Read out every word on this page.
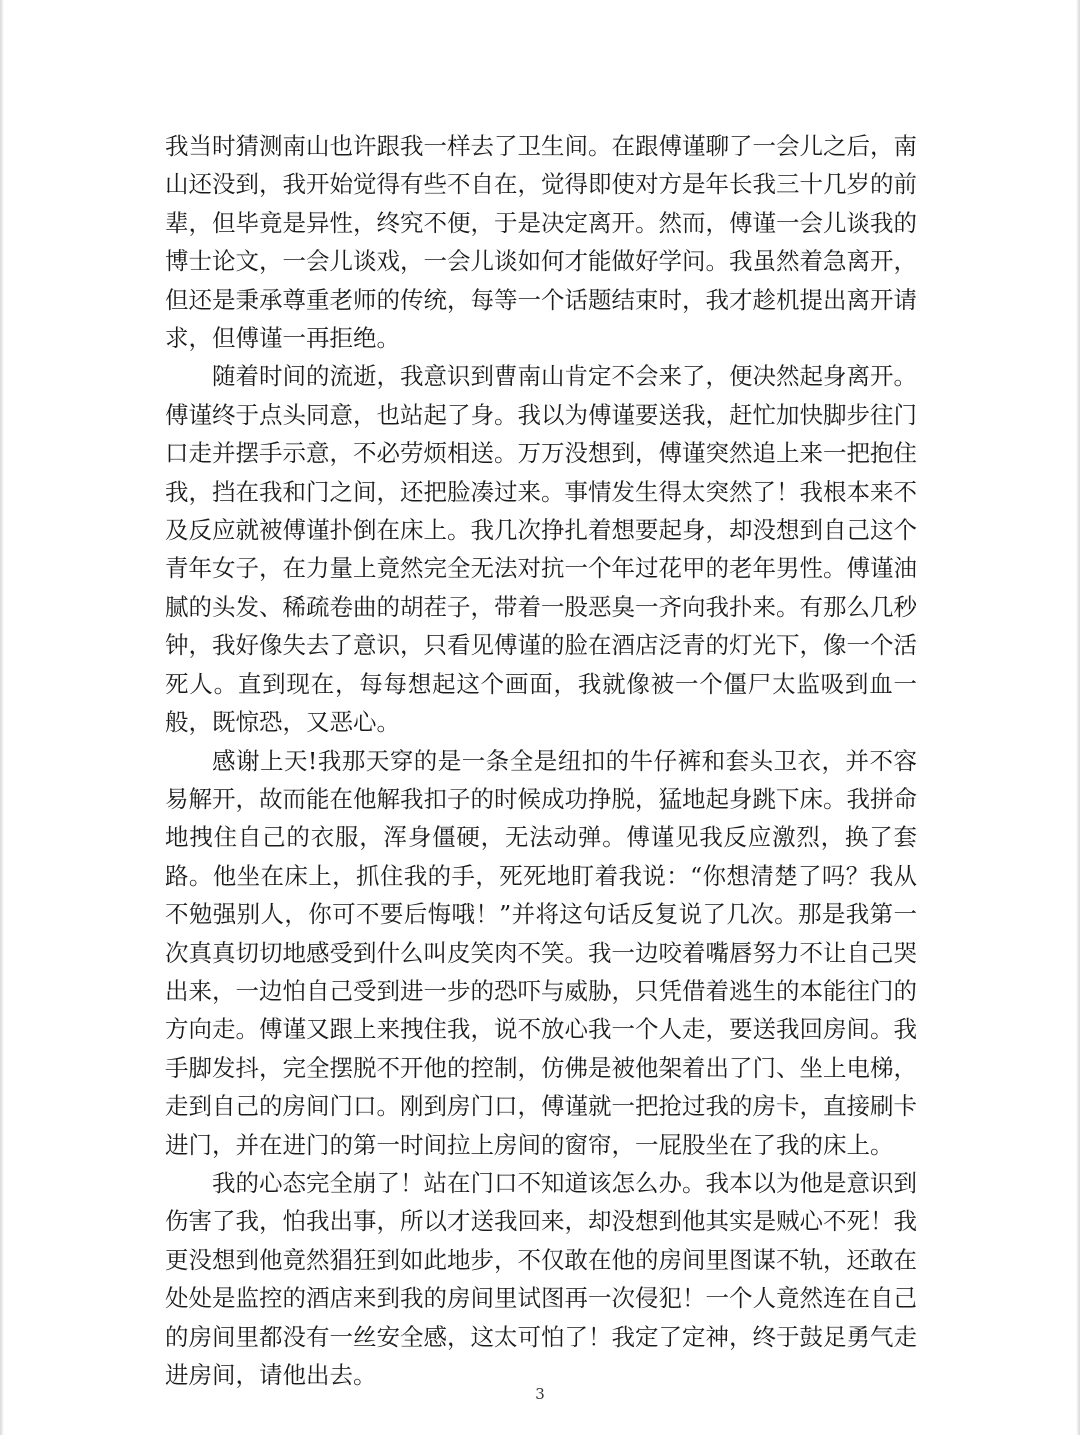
我当时猜测南山也许跟我一样去了卫生间。在跟傅谨聊了一会儿之后，南山还没到，我开始觉得有些不自在，觉得即使对方是年长我三十几岁的前辈，但毕竟是异性，终究不便，于是决定离开。然而，傅谨一会儿谈我的博士论文，一会儿谈戏，一会儿谈如何才能做好学问。我虽然着急离开，但还是秉承尊重老师的传统，每等一个话题结束时，我才趁机提出离开请求，但傅谨一再拒绝。

随着时间的流逝，我意识到曹南山肯定不会来了，便决然起身离开。傅谨终于点头同意，也站起了身。我以为傅谨要送我，赶忙加快脚步往门口走并摆手示意，不必劳烦相送。万万没想到，傅谨突然追上来一把抱住我，挡在我和门之间，还把脸凑过来。事情发生得太突然了！我根本来不及反应就被傅谨扑倒在床上。我几次挣扎着想要起身，却没想到自己这个青年女子，在力量上竟然完全无法对抗一个年过花甲的老年男性。傅谨油腻的头发、稀疏卷曲的胡茬子，带着一股恶臭一齐向我扑来。有那么几秒钟，我好像失去了意识，只看见傅谨的脸在酒店泛青的灯光下，像一个活死人。直到现在，每每想起这个画面，我就像被一个僵尸太监吸到血一般，既惊恐，又恶心。

感谢上天!我那天穿的是一条全是纽扣的牛仔裤和套头卫衣，并不容易解开，故而能在他解我扣子的时候成功挣脱，猛地起身跳下床。我拼命地拽住自己的衣服，浑身僵硬，无法动弹。傅谨见我反应激烈，换了套路。他坐在床上，抓住我的手，死死地盯着我说：“你想清楚了吗？我从不勉强别人，你可不要后悔哦！”并将这句话反复说了几次。那是我第一次真真切切地感受到什么叫皮笑肉不笑。我一边咬着嘴唇努力不让自己哭出来，一边怕自己受到进一步的恐吓与威胁，只凭借着逃生的本能往门的方向走。傅谨又跟上来拽住我，说不放心我一个人走，要送我回房间。我手脚发抖，完全摆脱不开他的控制，仿佛是被他架着出了门、坐上电梯，走到自己的房间门口。刚到房门口，傅谨就一把抢过我的房卡，直接刷卡进门，并在进门的第一时间拉上房间的窗帘，一屁股坐在了我的床上。

我的心态完全崩了！站在门口不知道该怎么办。我本以为他是意识到伤害了我，怕我出事，所以才送我回来，却没想到他其实是贼心不死！我更没想到他竟然猖狂到如此地步，不仅敢在他的房间里图谋不轨，还敢在处处是监控的酒店来到我的房间里试图再一次侵犯！一个人竟然连在自己的房间里都没有一丝安全感，这太可怕了！我定了定神，终于鼓足勇气走进房间，请他出去。

3
